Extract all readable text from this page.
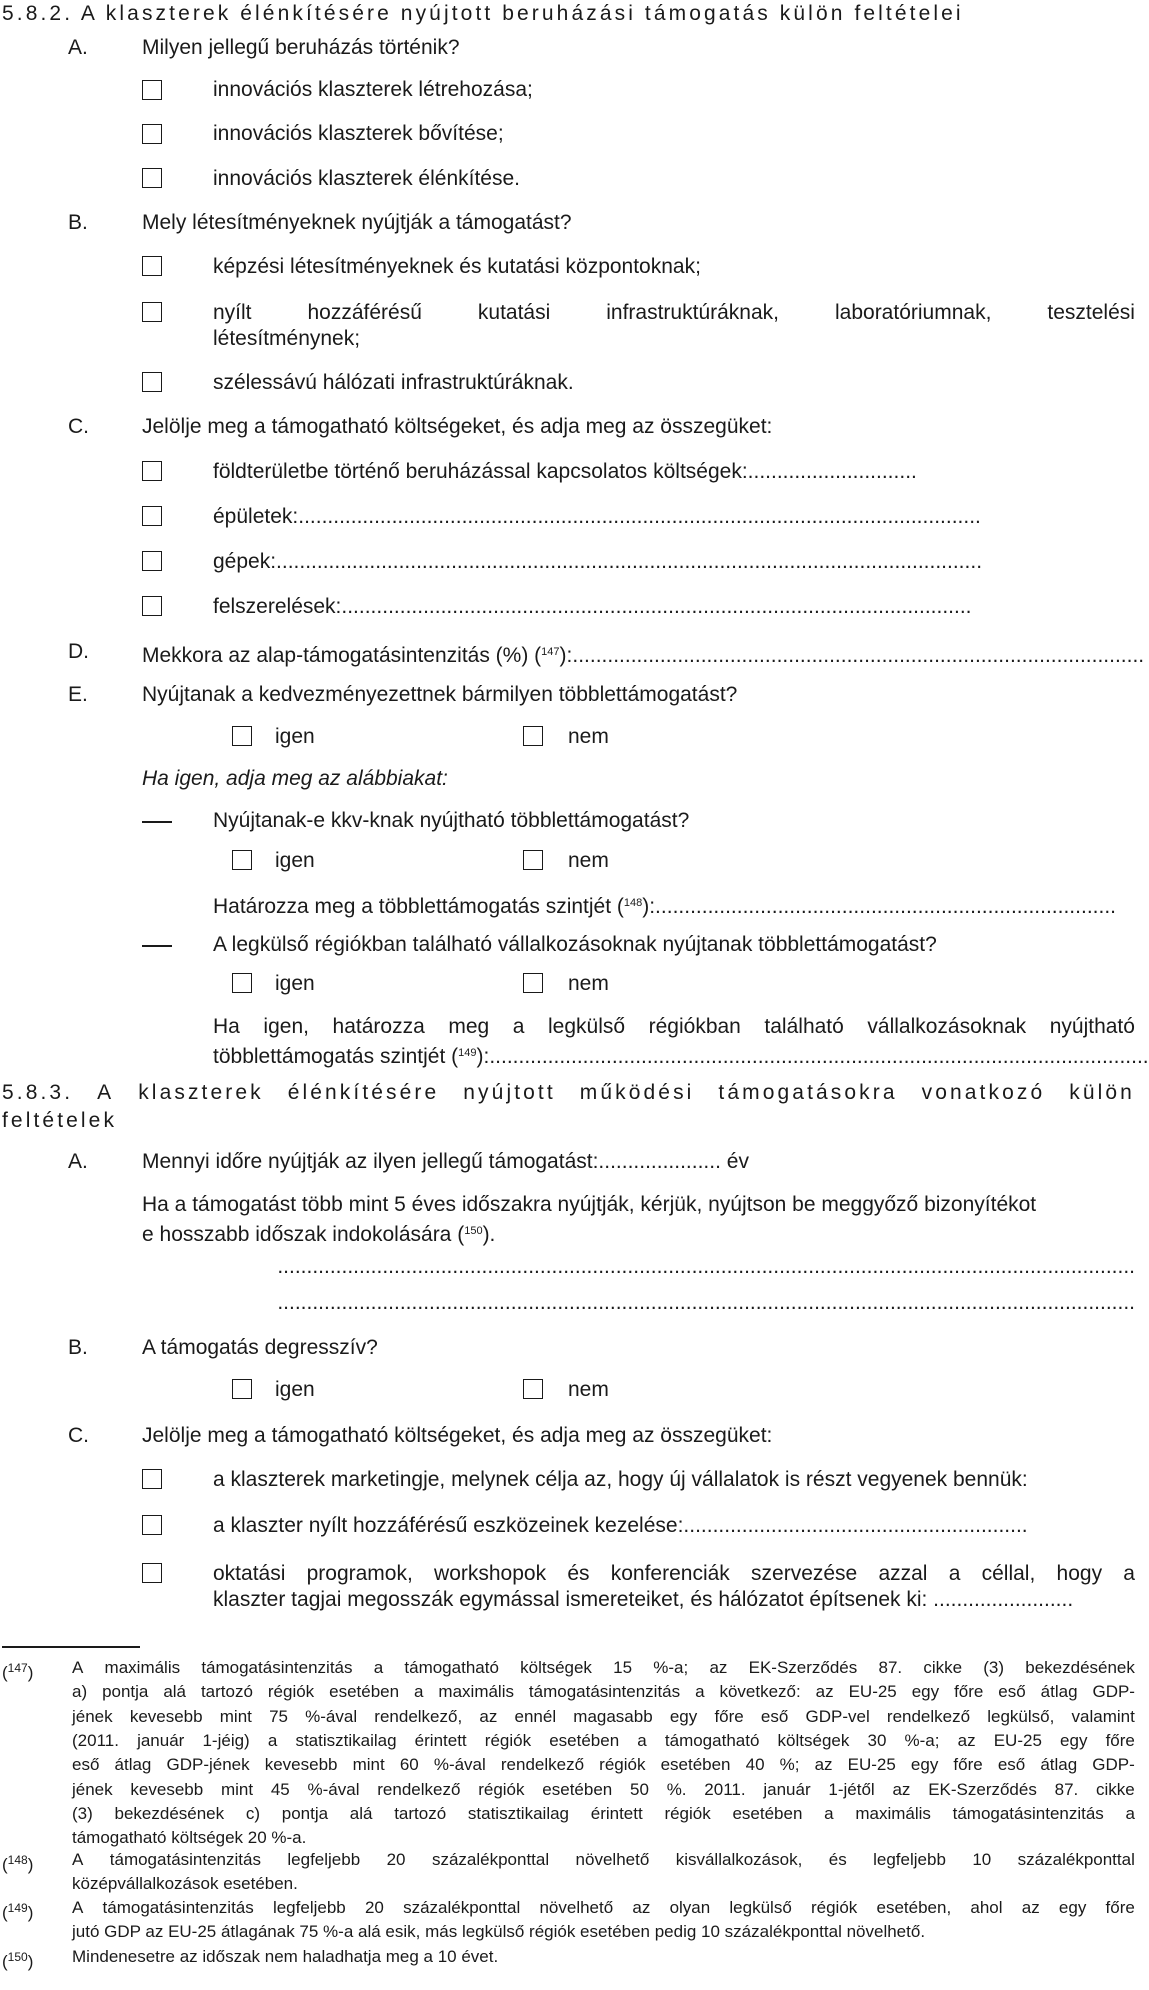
5.8.2. A klaszterek élénkítésére nyújtott beruházási támogatás külön feltételei
A.	Milyen jellegű beruházás történik?
innovációs klaszterek létrehozása;
innovációs klaszterek bővítése;
innovációs klaszterek élénkítése.
B.	Mely létesítményeknek nyújtják a támogatást?
képzési létesítményeknek és kutatási központoknak;
nyílt	hozzáférésű	kutatási	infrastruktúráknak,	laboratóriumnak,	tesztelési
létesítménynek;
szélessávú hálózati infrastruktúráknak.
C.	Jelölje meg a támogatható költségeket, és adja meg az összegüket:
földterületbe történő beruházással kapcsolatos költségek:.............................
épületek:.....................................................................................................................
gépek:.........................................................................................................................
felszerelések:............................................................................................................
D.	Mekkora az alap-támogatásintenzitás (%) ($^{147}$):..................................................................................................
E.	Nyújtanak a kedvezményezettnek bármilyen többlettámogatást?
igen	nem
Ha igen, adja meg az alábbiakat:
Nyújtanak-e kkv-knak nyújtható többlettámogatást?
igen	nem
Határozza meg a többlettámogatás szintjét ($^{148}$):...............................................................................
A legkülső régiókban található vállalkozásoknak nyújtanak többlettámogatást?
igen	nem
Ha igen, határozza meg a legkülső régiókban található vállalkozásoknak nyújtható
többlettámogatás szintjét ($^{149}$):.................................................................................................................
5.8.3. A klaszterek élénkítésére nyújtott működési támogatásokra vonatkozó külön
feltételek
A.	Mennyi időre nyújtják az ilyen jellegű támogatást:..................... év
Ha a támogatást több mint 5 éves időszakra nyújtják, kérjük, nyújtson be meggyőző bizonyítékot
e hosszabb időszak indokolására ($^{150}$).
...................................................................................................................................................
...................................................................................................................................................
B.	A támogatás degresszív?
igen	nem
C.	Jelölje meg a támogatható költségeket, és adja meg az összegüket:
a klaszterek marketingje, melynek célja az, hogy új vállalatok is részt vegyenek bennük:
a klaszter nyílt hozzáférésű eszközeinek kezelése:...........................................................
oktatási programok, workshopok és konferenciák szervezése azzal a céllal, hogy a
klaszter tagjai megosszák egymással ismereteiket, és hálózatot építsenek ki: ........................
($^{147}$) A maximális támogatásintenzitás a támogatható költségek 15 %-a; az EK-Szerződés 87. cikke (3) bekezdésének
a) pontja alá tartozó régiók esetében a maximális támogatásintenzitás a következő: az EU-25 egy főre eső átlag GDP-
jének kevesebb mint 75 %-ával rendelkező, az ennél magasabb egy főre eső GDP-vel rendelkező legkülső, valamint
(2011. január 1-jéig) a statisztikailag érintett régiók esetében a támogatható költségek 30 %-a; az EU-25 egy főre
eső átlag GDP-jének kevesebb mint 60 %-ával rendelkező régiók esetében 40 %; az EU-25 egy főre eső átlag GDP-
jének kevesebb mint 45 %-ával rendelkező régiók esetében 50 %. 2011. január 1-jétől az EK-Szerződés 87. cikke
(3) bekezdésének c) pontja alá tartozó statisztikailag érintett régiók esetében a maximális támogatásintenzitás a
támogatható költségek 20 %-a.
($^{148}$) A támogatásintenzitás legfeljebb 20 százalékponttal növelhető kisvállalkozások, és legfeljebb 10 százalékponttal
középvállalkozások esetében.
($^{149}$) A támogatásintenzitás legfeljebb 20 százalékponttal növelhető az olyan legkülső régiók esetében, ahol az egy főre
jutó GDP az EU-25 átlagának 75 %-a alá esik, más legkülső régiók esetében pedig 10 százalékponttal növelhető.
($^{150}$) Mindenesetre az időszak nem haladhatja meg a 10 évet.
